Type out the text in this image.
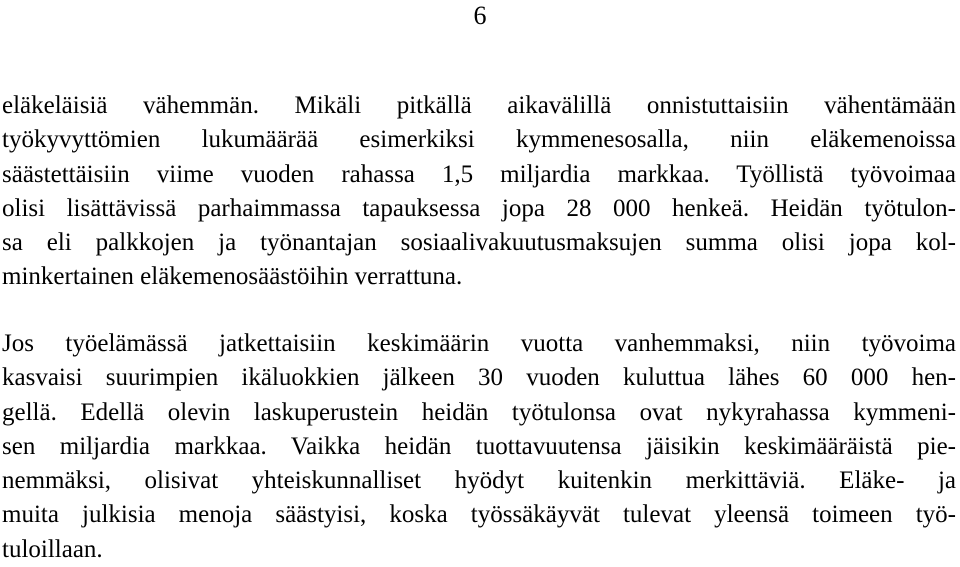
6
eläkeläisiä vähemmän. Mikäli pitkällä aikavälillä onnistuttaisiin vähentämään
työkyvyttömien lukumäärää esimerkiksi kymmenesosalla, niin eläkemenoissa
säästettäisiin viime vuoden rahassa 1,5 miljardia markkaa. Työllistä työvoimaa
olisi lisättävissä parhaimmassa tapauksessa jopa 28 000 henkeä. Heidän työtulon-
sa eli palkkojen ja työnantajan sosiaalivakuutusmaksujen summa olisi jopa kol-
minkertainen eläkemenosäästöihin verrattuna.
Jos työelämässä jatkettaisiin keskimäärin vuotta vanhemmaksi, niin työvoima
kasvaisi suurimpien ikäluokkien jälkeen 30 vuoden kuluttua lähes 60 000 hen-
gellä. Edellä olevin laskuperustein heidän työtulonsa ovat nykyrahassa kymmeni-
sen miljardia markkaa. Vaikka heidän tuottavuutensa jäisikin keskimääräistä pie-
nemmäksi, olisivat yhteiskunnalliset hyödyt kuitenkin merkittäviä. Eläke- ja
muita julkisia menoja säästyisi, koska työssäkäyvät tulevat yleensä toimeen työ-
tuloillaan.
